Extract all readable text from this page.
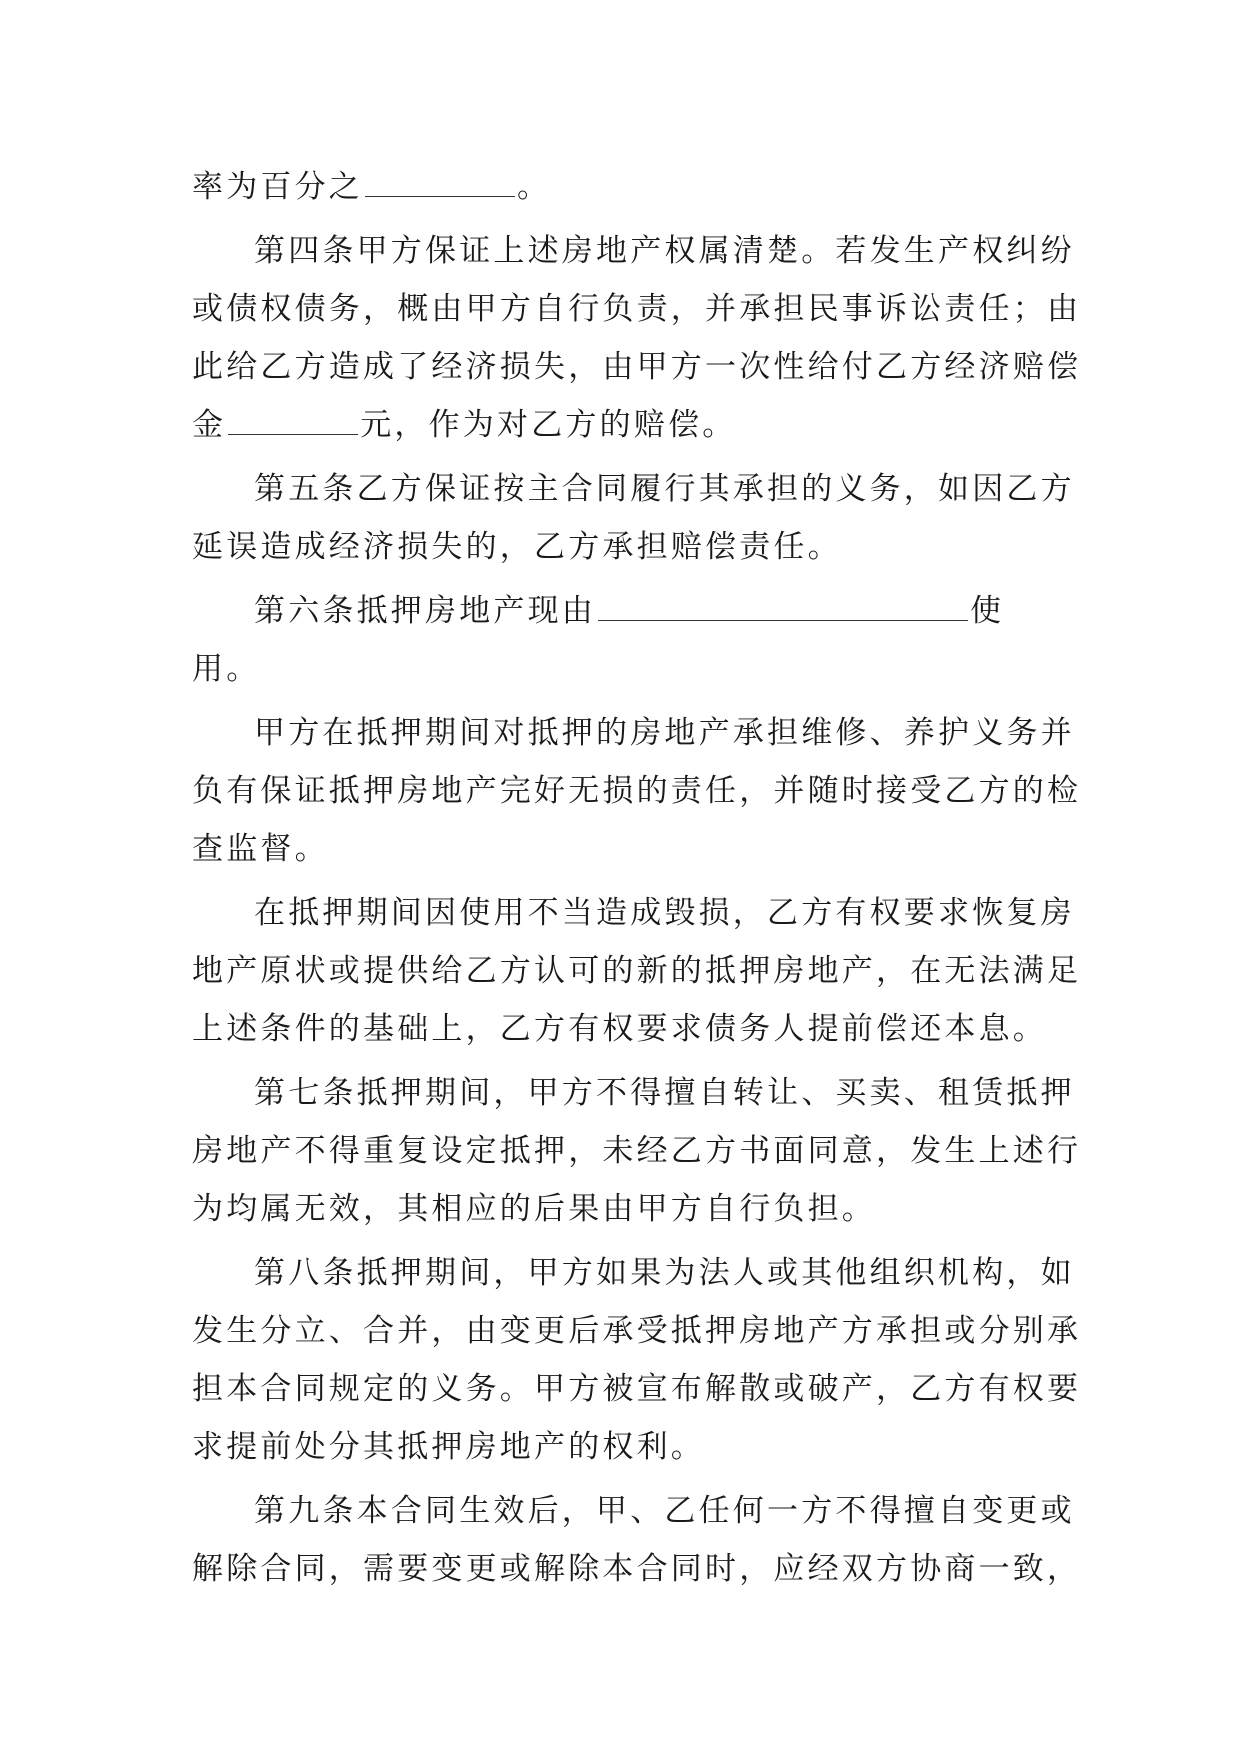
率为百分之	。
第四条甲方保证上述房地产权属清楚。若发生产权纠纷
或债权债务，概由甲方自行负责，并承担民事诉讼责任；由
此给乙方造成了经济损失，由甲方一次性给付乙方经济赔偿
金	元，作为对乙方的赔偿。
第五条乙方保证按主合同履行其承担的义务，如因乙方
延误造成经济损失的，乙方承担赔偿责任。
第六条抵押房地产现由	使
用。
甲方在抵押期间对抵押的房地产承担维修、养护义务并
负有保证抵押房地产完好无损的责任，并随时接受乙方的检
查监督。
在抵押期间因使用不当造成毁损，乙方有权要求恢复房
地产原状或提供给乙方认可的新的抵押房地产，在无法满足
上述条件的基础上，乙方有权要求债务人提前偿还本息。
第七条抵押期间，甲方不得擅自转让、买卖、租赁抵押
房地产不得重复设定抵押，未经乙方书面同意，发生上述行
为均属无效，其相应的后果由甲方自行负担。
第八条抵押期间，甲方如果为法人或其他组织机构，如
发生分立、合并，由变更后承受抵押房地产方承担或分别承
担本合同规定的义务。甲方被宣布解散或破产，乙方有权要
求提前处分其抵押房地产的权利。
第九条本合同生效后，甲、乙任何一方不得擅自变更或
解除合同，需要变更或解除本合同时，应经双方协商一致，
